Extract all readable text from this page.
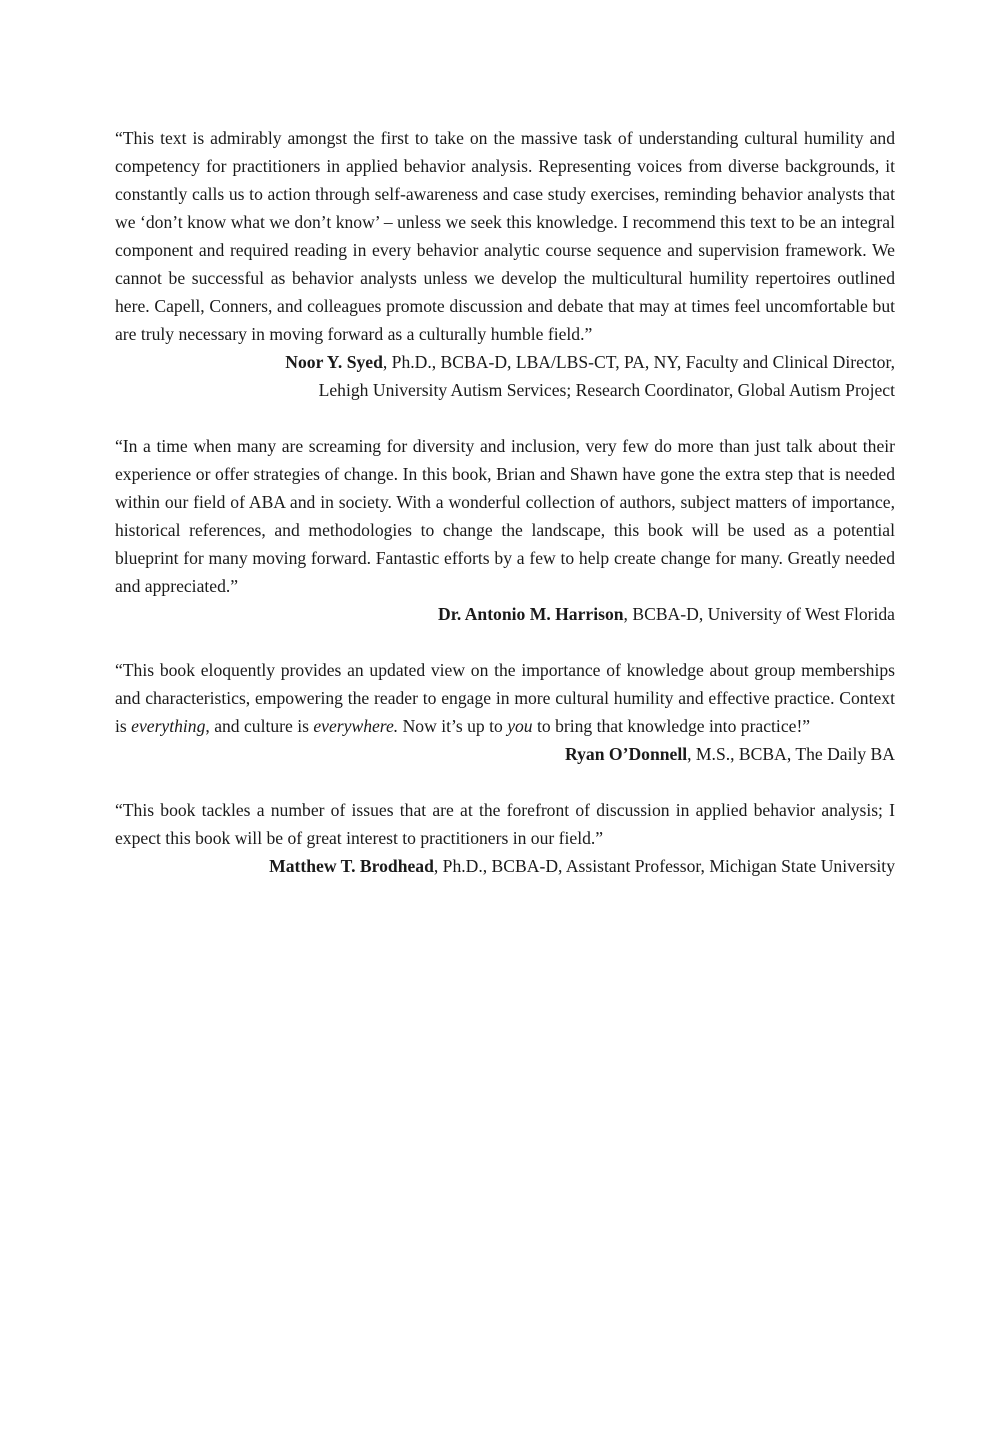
“This text is admirably amongst the first to take on the massive task of understanding cultural humility and competency for practitioners in applied behavior analysis. Representing voices from diverse backgrounds, it constantly calls us to action through self-awareness and case study exercises, reminding behavior analysts that we ‘don’t know what we don’t know’ – unless we seek this knowledge. I recommend this text to be an integral component and required reading in every behavior analytic course sequence and supervision framework. We cannot be successful as behavior analysts unless we develop the multicultural humility repertoires outlined here. Capell, Conners, and colleagues promote discussion and debate that may at times feel uncomfortable but are truly necessary in moving forward as a culturally humble field.”

Noor Y. Syed, Ph.D., BCBA-D, LBA/LBS-CT, PA, NY, Faculty and Clinical Director,
Lehigh University Autism Services; Research Coordinator, Global Autism Project

“In a time when many are screaming for diversity and inclusion, very few do more than just talk about their experience or offer strategies of change. In this book, Brian and Shawn have gone the extra step that is needed within our field of ABA and in society. With a wonderful collection of authors, subject matters of importance, historical references, and methodologies to change the landscape, this book will be used as a potential blueprint for many moving forward. Fantastic efforts by a few to help create change for many. Greatly needed and appreciated.”

Dr. Antonio M. Harrison, BCBA-D, University of West Florida

“This book eloquently provides an updated view on the importance of knowledge about group memberships and characteristics, empowering the reader to engage in more cultural humility and effective practice. Context is everything, and culture is everywhere. Now it’s up to you to bring that knowledge into practice!”

Ryan O’Donnell, M.S., BCBA, The Daily BA

“This book tackles a number of issues that are at the forefront of discussion in applied behavior analysis; I expect this book will be of great interest to practitioners in our field.”

Matthew T. Brodhead, Ph.D., BCBA-D, Assistant Professor, Michigan State University
